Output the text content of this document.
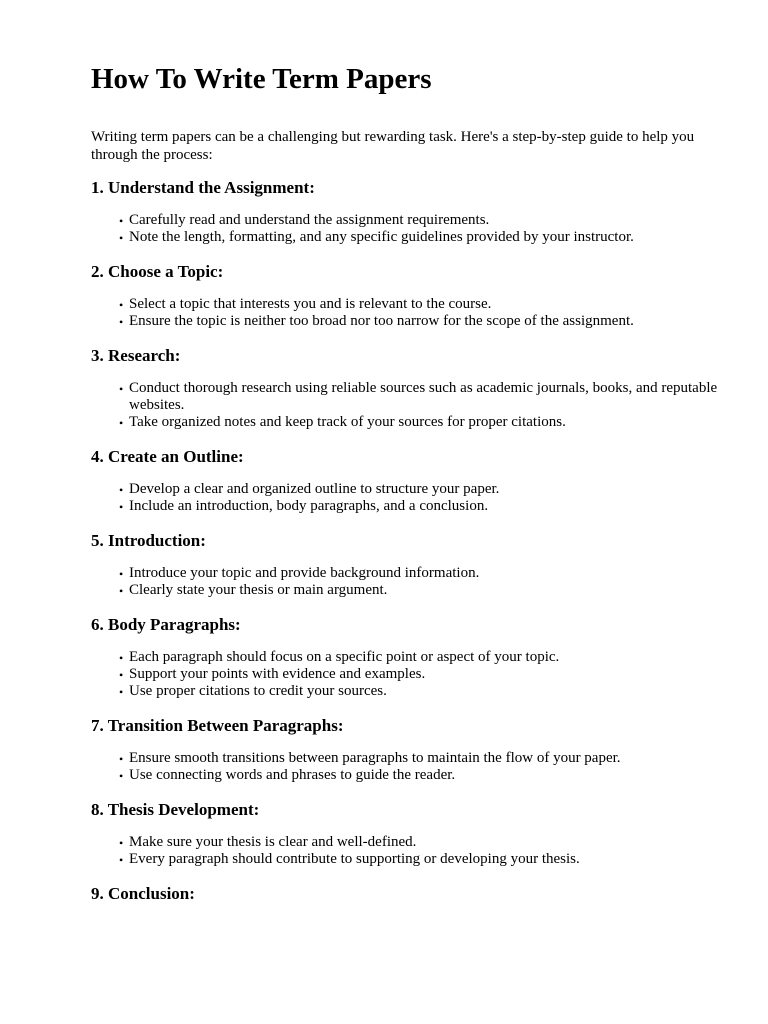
How To Write Term Papers

Writing term papers can be a challenging but rewarding task. Here's a step-by-step guide to help you through the process:

1. Understand the Assignment:
• Carefully read and understand the assignment requirements.
• Note the length, formatting, and any specific guidelines provided by your instructor.
2. Choose a Topic:
• Select a topic that interests you and is relevant to the course.
• Ensure the topic is neither too broad nor too narrow for the scope of the assignment.
3. Research:
• Conduct thorough research using reliable sources such as academic journals, books, and reputable websites.
• Take organized notes and keep track of your sources for proper citations.
4. Create an Outline:
• Develop a clear and organized outline to structure your paper.
• Include an introduction, body paragraphs, and a conclusion.
5. Introduction:
• Introduce your topic and provide background information.
• Clearly state your thesis or main argument.
6. Body Paragraphs:
• Each paragraph should focus on a specific point or aspect of your topic.
• Support your points with evidence and examples.
• Use proper citations to credit your sources.
7. Transition Between Paragraphs:
• Ensure smooth transitions between paragraphs to maintain the flow of your paper.
• Use connecting words and phrases to guide the reader.
8. Thesis Development:
• Make sure your thesis is clear and well-defined.
• Every paragraph should contribute to supporting or developing your thesis.
9. Conclusion:
